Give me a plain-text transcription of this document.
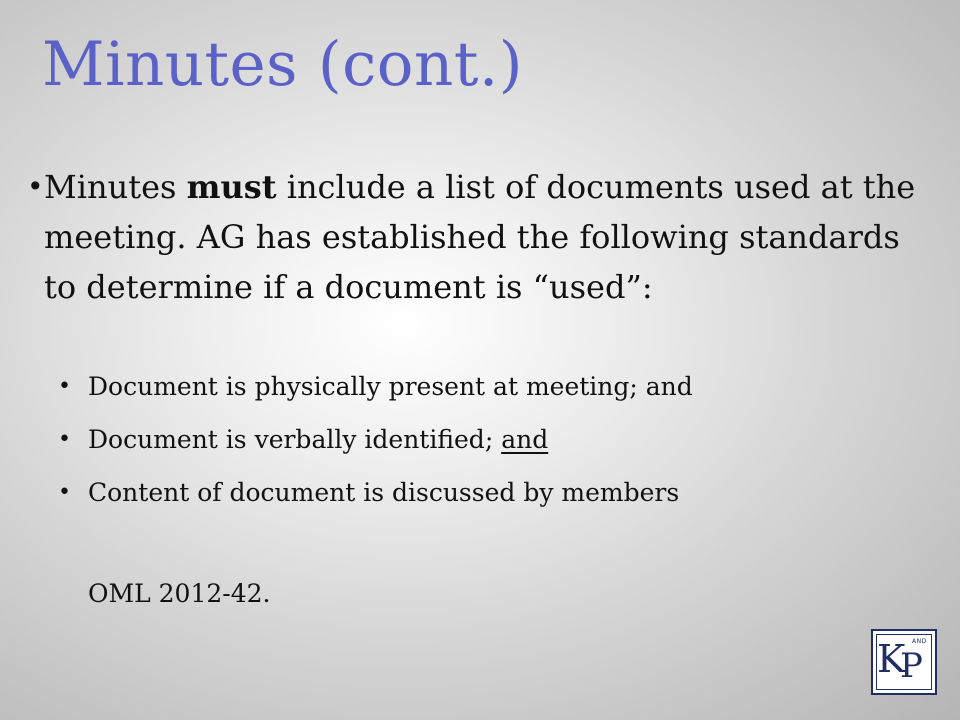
Minutes (cont.)
• Minutes must include a list of documents used at the meeting. AG has established the following standards to determine if a document is “used”:
• Document is physically present at meeting; and
• Document is verbally identified; and
• Content of document is discussed by members
OML 2012-42.
K AND
P
